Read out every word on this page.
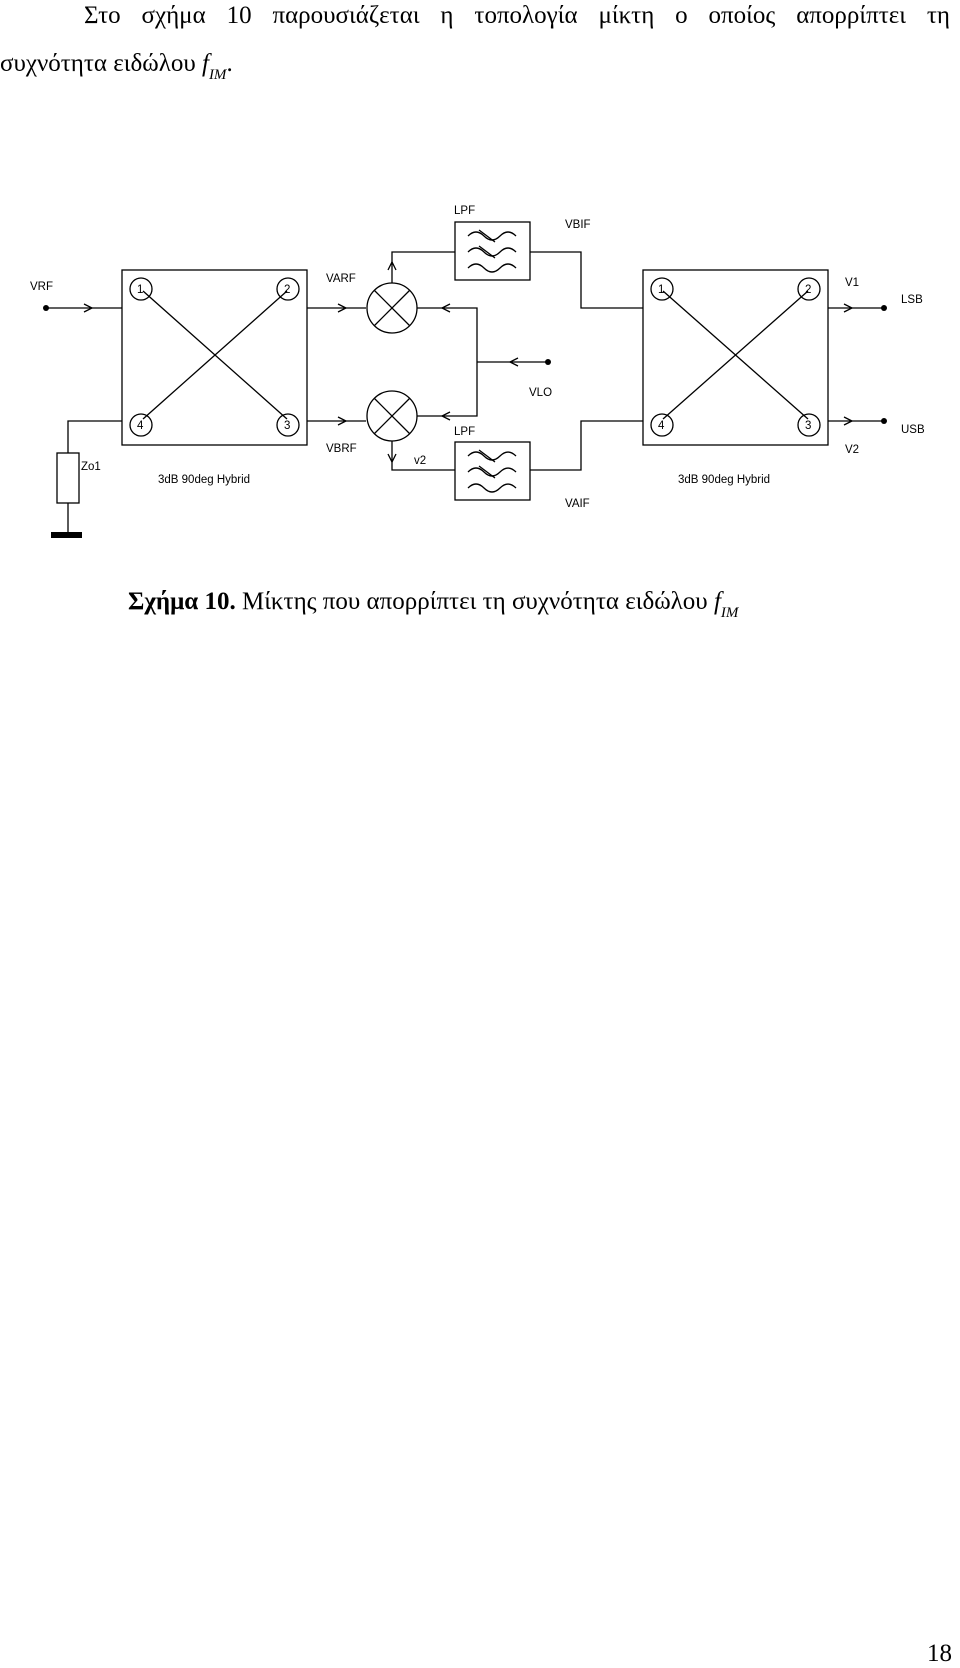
Στο σχήμα 10 παρουσιάζεται η τοπολογία μίκτη ο οποίος απορρίπτει τη
συχνότητα ειδώλου $f_{IM}$.
1	2
4	3
1	2
4	3
VRF
VARF
VBRF
v2
LPF
LPF
VBIF
VAIF
VLO
Zo1
3dB 90deg Hybrid	3dB 90deg Hybrid
V1
V2
LSB
USB
Σχήμα 10. Μίκτης που απορρίπτει τη συχνότητα ειδώλου $f_{IM}$
18
